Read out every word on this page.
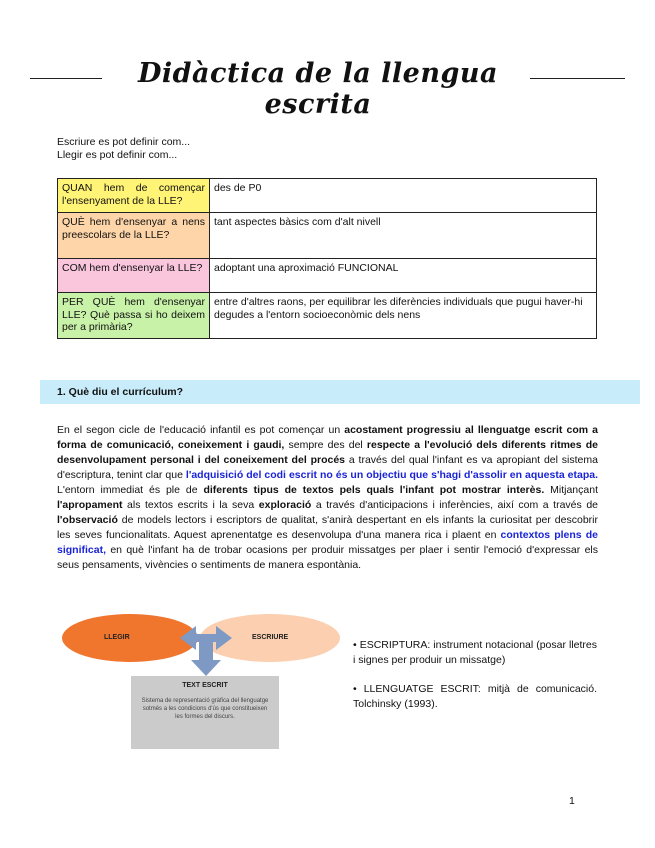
Didàctica de la llengua escrita
Escriure es pot definir com...
Llegir es pot definir com...
QUAN hem de començar l'ensenyament de la LLE?	des de P0
QUÈ hem d'ensenyar a nens preescolars de la LLE?	tant aspectes bàsics com d'alt nivell
COM hem d'ensenyar la LLE?	adoptant una aproximació FUNCIONAL
PER QUÈ hem d'ensenyar LLE? Què passa si ho deixem per a primària?	entre d'altres raons, per equilibrar les diferències individuals que pugui haver-hi degudes a l'entorn socioeconòmic dels nens
1. Què diu el currículum?
En el segon cicle de l'educació infantil es pot començar un acostament progressiu al llenguatge escrit com a forma de comunicació, coneixement i gaudi, sempre des del respecte a l'evolució dels diferents ritmes de desenvolupament personal i del coneixement del procés a través del qual l'infant es va apropiant del sistema d'escriptura, tenint clar que l'adquisició del codi escrit no és un objectiu que s'hagi d'assolir en aquesta etapa. L'entorn immediat és ple de diferents tipus de textos pels quals l'infant pot mostrar interès. Mitjançant l'apropament als textos escrits i la seva exploració a través d'anticipacions i inferències, així com a través de l'observació de models lectors i escriptors de qualitat, s'anirà despertant en els infants la curiositat per descobrir les seves funcionalitats. Aquest aprenentatge es desenvolupa d'una manera rica i plaent en contextos plens de significat, en què l'infant ha de trobar ocasions per produir missatges per plaer i sentir l'emoció d'expressar els seus pensaments, vivències o sentiments de manera espontània.
LLEGIR	ESCRIURE
TEXT ESCRIT
Sistema de representació gràfica del llenguatge sotmès a les condicions d'ús que constitueixen les formes del discurs.
• ESCRIPTURA: instrument notacional (posar lletres i signes per produir un missatge)
• LLENGUATGE ESCRIT: mitjà de comunicació. Tolchinsky (1993).
1
